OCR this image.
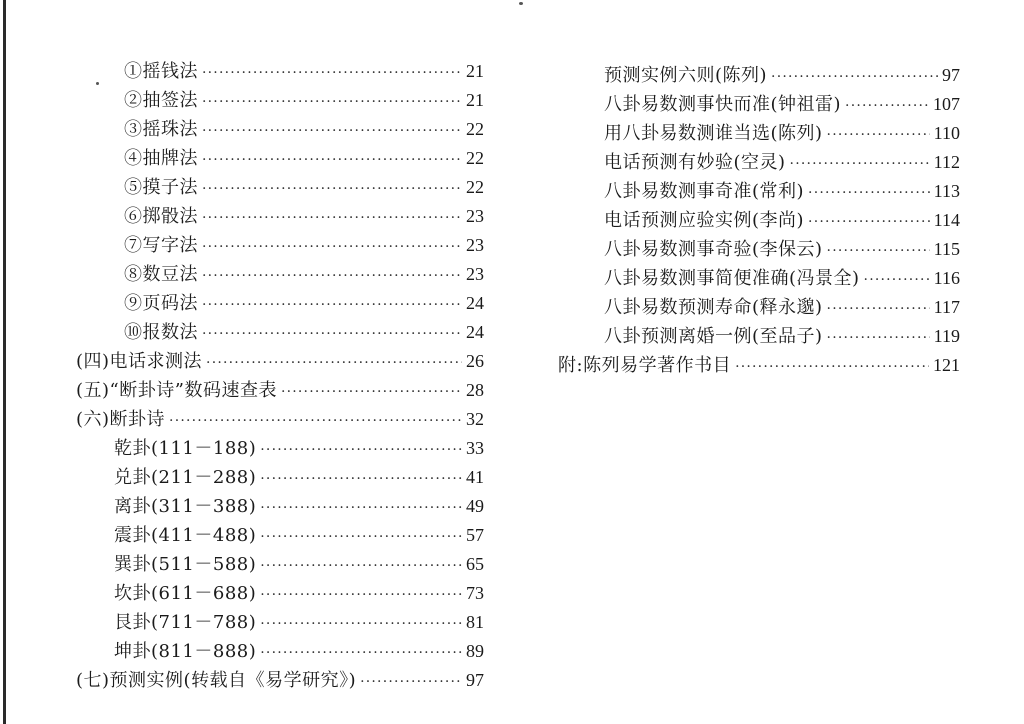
①摇钱法 ·····	21
②抽签法 ·····	21
③摇珠法 ·····	22
④抽牌法 ·····	22
⑤摸子法 ·····	22
⑥掷骰法 ·····	23
⑦写字法 ·····	23
⑧数豆法 ·····	23
⑨页码法 ·····	24
⑩报数法 ·····	24
(四)电话求测法 ·····	26
(五)“断卦诗”数码速查表 ·····	28
(六)断卦诗 ·····	32
乾卦(111－188) ·····	33
兑卦(211－288) ·····	41
离卦(311－388) ·····	49
震卦(411－488) ·····	57
巽卦(511－588) ·····	65
坎卦(611－688) ·····	73
艮卦(711－788) ·····	81
坤卦(811－888) ·····	89
(七)预测实例(转载自《易学研究》) ·····	97
预测实例六则(陈列) ·····	97
八卦易数测事快而准(钟祖雷) ·····	107
用八卦易数测谁当选(陈列) ·····	110
电话预测有妙验(空灵) ·····	112
八卦易数测事奇准(常利) ·····	113
电话预测应验实例(李尚) ·····	114
八卦易数测事奇验(李保云) ·····	115
八卦易数测事简便准确(冯景全) ·····	116
八卦易数预测寿命(释永邈) ·····	117
八卦预测离婚一例(至品子) ·····	119
附:陈列易学著作书目 ·····	121
